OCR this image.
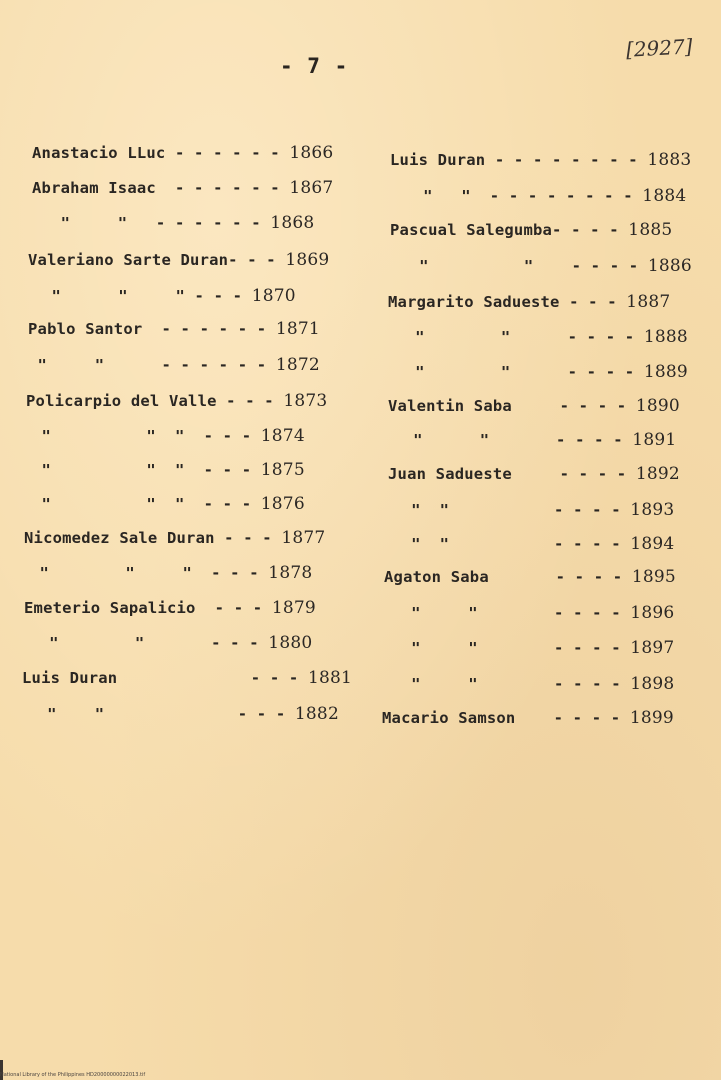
- 7 -
[2927]
Anastacio LLuc - - - - - - 1866
Abraham Isaac  - - - - - - 1867
"     "   - - - - - - 1868
Valeriano Sarte Duran- - - 1869
"      "     " - - - 1870
Pablo Santor  - - - - - - 1871
"     "      - - - - - - 1872
Policarpio del Valle - - - 1873
"          "  "  - - - 1874
"          "  "  - - - 1875
"          "  "  - - - 1876
Nicomedez Sale Duran - - - 1877
"        "     "  - - - 1878
Emeterio Sapalicio  - - - 1879
"        "       - - - 1880
Luis Duran              - - - 1881
"    "              - - - 1882
Luis Duran - - - - - - - - 1883
"   "  - - - - - - - - 1884
Pascual Salegumba- - - - 1885
"          "    - - - - 1886
Margarito Sadueste - - - 1887
"        "      - - - - 1888
"        "      - - - - 1889
Valentin Saba     - - - - 1890
"      "       - - - - 1891
Juan Sadueste     - - - - 1892
"  "           - - - - 1893
"  "           - - - - 1894
Agaton Saba       - - - - 1895
"     "        - - - - 1896
"     "        - - - - 1897
"     "        - - - - 1898
Macario Samson    - - - - 1899
National Library of the Philippines HD20000000022013.tif
